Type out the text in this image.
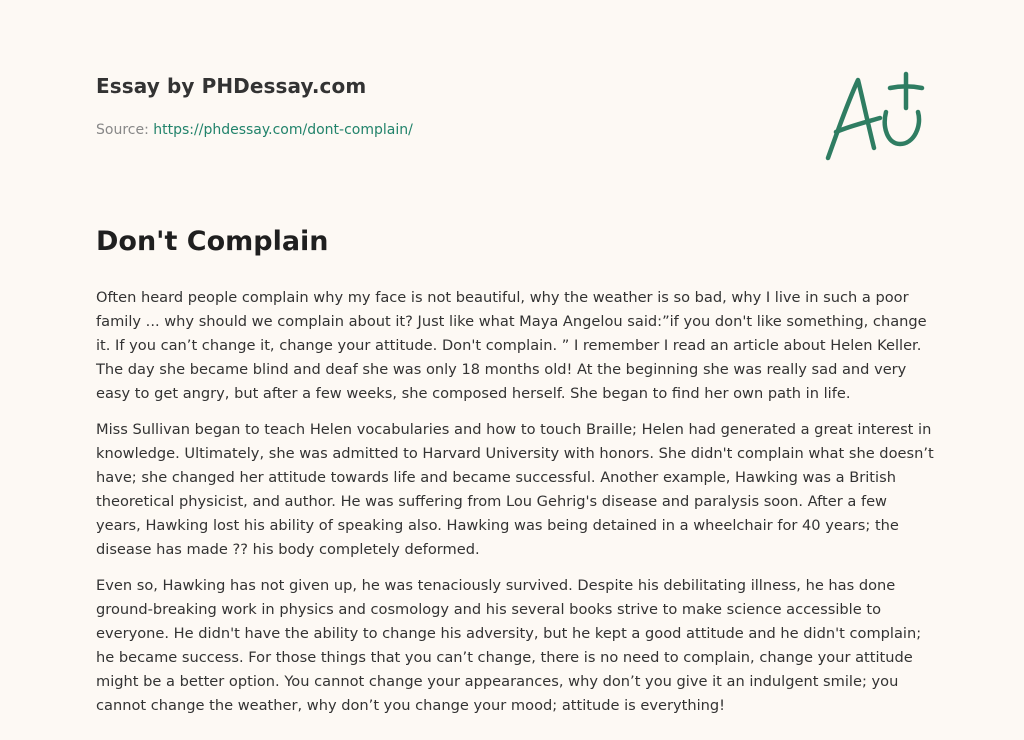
Essay by PHDessay.com
Source: https://phdessay.com/dont-complain/
Don't Complain

Often heard people complain why my face is not beautiful, why the weather is so bad, why I live in such a poor family ... why should we complain about it? Just like what Maya Angelou said:”if you don't like something, change it. If you can’t change it, change your attitude. Don't complain. ” I remember I read an article about Helen Keller. The day she became blind and deaf she was only 18 months old! At the beginning she was really sad and very easy to get angry, but after a few weeks, she composed herself. She began to find her own path in life.

Miss Sullivan began to teach Helen vocabularies and how to touch Braille; Helen had generated a great interest in knowledge. Ultimately, she was admitted to Harvard University with honors. She didn't complain what she doesn’t have; she changed her attitude towards life and became successful. Another example, Hawking was a British theoretical physicist, and author. He was suffering from Lou Gehrig's disease and paralysis soon. After a few years, Hawking lost his ability of speaking also. Hawking was being detained in a wheelchair for 40 years; the disease has made ?? his body completely deformed.

Even so, Hawking has not given up, he was tenaciously survived. Despite his debilitating illness, he has done ground-breaking work in physics and cosmology and his several books strive to make science accessible to everyone. He didn't have the ability to change his adversity, but he kept a good attitude and he didn't complain; he became success. For those things that you can’t change, there is no need to complain, change your attitude might be a better option. You cannot change your appearances, why don’t you give it an indulgent smile; you cannot change the weather, why don’t you change your mood; attitude is everything!
